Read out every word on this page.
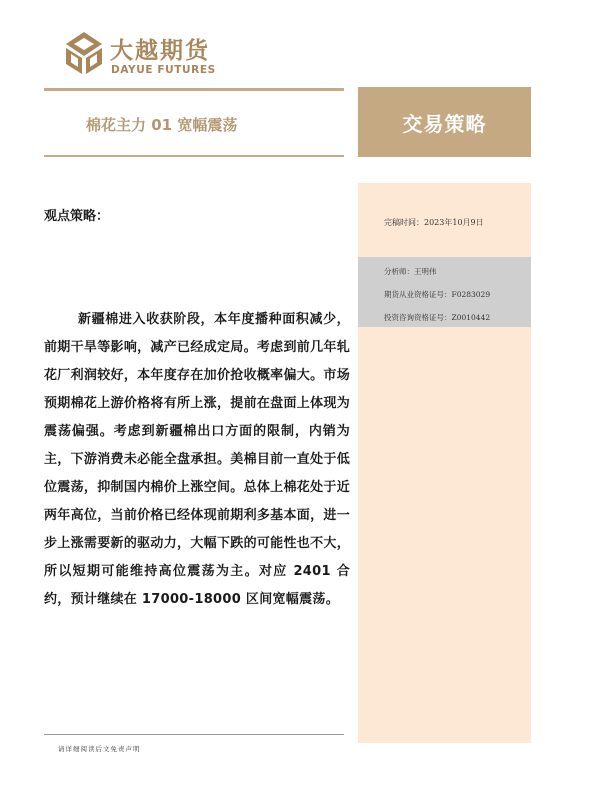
大越期货
DAYUE FUTURES
棉花主力 01 宽幅震荡	交易策略
完稿时间：2023年10月9日
分析师：王明伟
期货从业资格证号：F0283029
投资咨询资格证号：Z0010442
观点策略：
新疆棉进入收获阶段，本年度播种面积减少，前期干旱等影响，减产已经成定局。考虑到前几年轧花厂利润较好，本年度存在加价抢收概率偏大。市场预期棉花上游价格将有所上涨，提前在盘面上体现为震荡偏强。考虑到新疆棉出口方面的限制，内销为主，下游消费未必能全盘承担。美棉目前一直处于低位震荡，抑制国内棉价上涨空间。总体上棉花处于近两年高位，当前价格已经体现前期利多基本面，进一步上涨需要新的驱动力，大幅下跌的可能性也不大，所以短期可能维持高位震荡为主。对应 2401 合约，预计继续在 17000-18000 区间宽幅震荡。
请详细阅读后文免责声明
